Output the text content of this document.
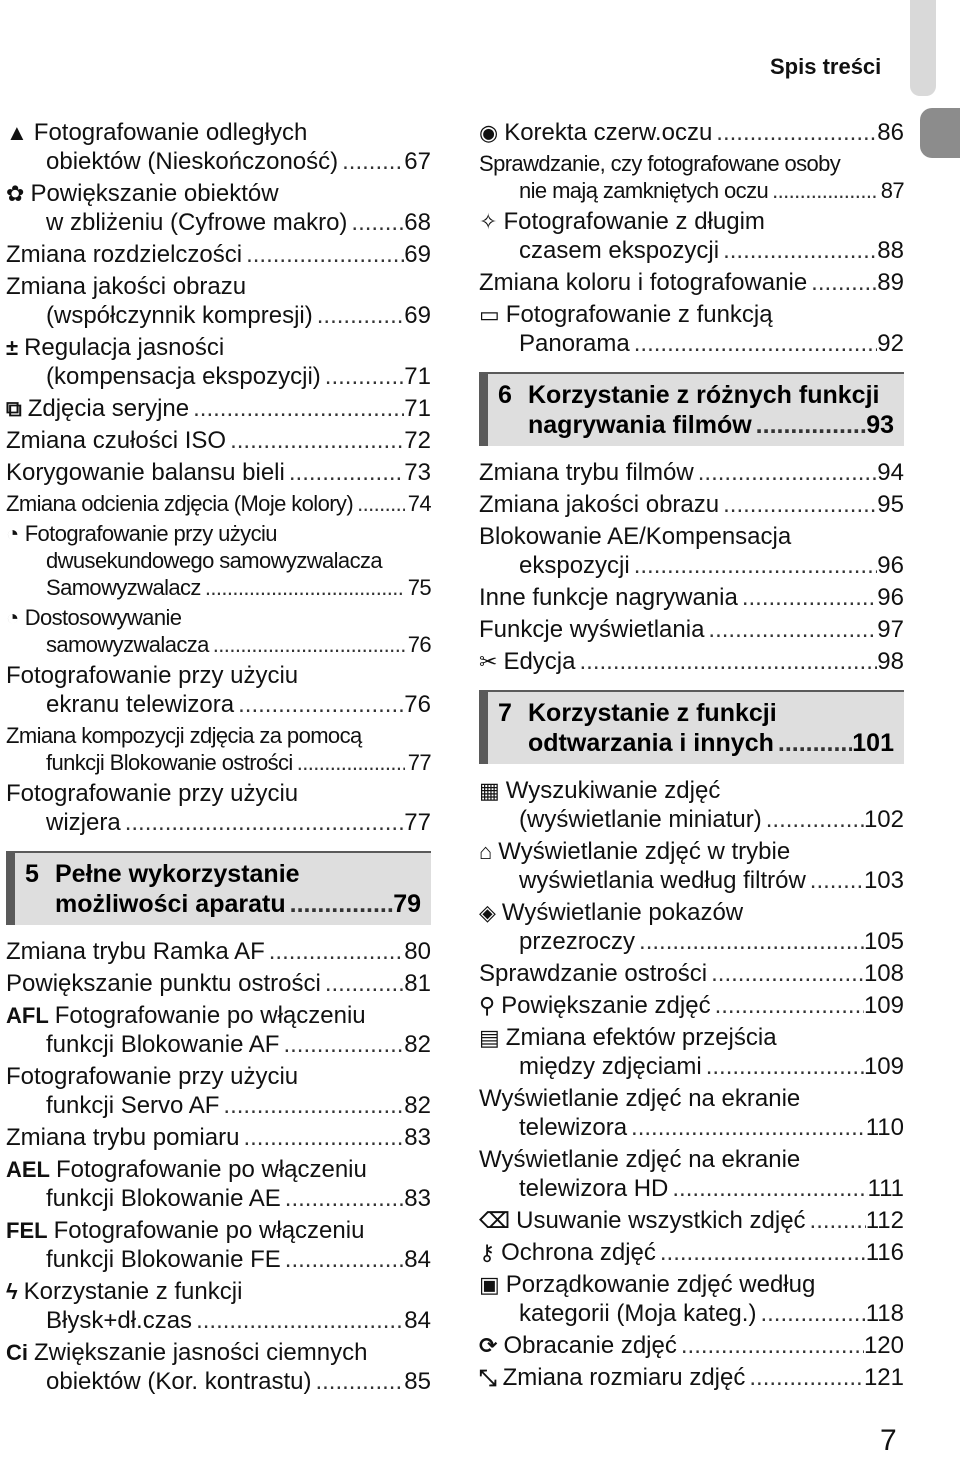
Spis treści
▲ Fotografowanie odległych
obiektów (Nieskończoność) .....	67
✿ Powiększanie obiektów
w zbliżeniu (Cyfrowe makro) ..... 68
Zmiana rozdzielczości .....	69
Zmiana jakości obrazu
(współczynnik kompresji) .....	69
± Regulacja jasności
(kompensacja ekspozycji) .....	71
⧉ Zdjęcia seryjne .....	71
Zmiana czułości ISO .....	72
Korygowanie balansu bieli .....	73
Zmiana odcienia zdjęcia (Moje kolory) ..... 74
◔ Fotografowanie przy użyciu
dwusekundowego samowyzwalacza
Samowyzwalacz .....	75
◔ Dostosowywanie
samowyzwalacza .....	76
Fotografowanie przy użyciu
ekranu telewizora .....	76
Zmiana kompozycji zdjęcia za pomocą
funkcji Blokowanie ostrości .....	77
Fotografowanie przy użyciu
wizjera .....	77
5 Pełne wykorzystanie
możliwości aparatu .....	79
Zmiana trybu Ramka AF .....	80
Powiększanie punktu ostrości .....	81
AFL Fotografowanie po włączeniu
funkcji Blokowanie AF .....	82
Fotografowanie przy użyciu
funkcji Servo AF .....	82
Zmiana trybu pomiaru .....	83
AEL Fotografowanie po włączeniu
funkcji Blokowanie AE .....	83
FEL Fotografowanie po włączeniu
funkcji Blokowanie FE .....	84
ϟ Korzystanie z funkcji
Błysk+dł.czas .....	84
Ci Zwiększanie jasności ciemnych
obiektów (Kor. kontrastu) .....	85
◉ Korekta czerw.oczu .....	86
Sprawdzanie, czy fotografowane osoby
nie mają zamkniętych oczu .....	87
✧ Fotografowanie z długim
czasem ekspozycji .....	88
Zmiana koloru i fotografowanie .....	89
▭ Fotografowanie z funkcją
Panorama .....	92
6 Korzystanie z różnych funkcji
nagrywania filmów .....	93
Zmiana trybu filmów .....	94
Zmiana jakości obrazu .....	95
Blokowanie AE/Kompensacja
ekspozycji .....	96
Inne funkcje nagrywania .....	96
Funkcje wyświetlania .....	97
✂ Edycja .....	98
7 Korzystanie z funkcji
odtwarzania i innych .....	101
▦ Wyszukiwanie zdjęć
(wyświetlanie miniatur) .....	102
⌂ Wyświetlanie zdjęć w trybie
wyświetlania według filtrów ..... 103
◈ Wyświetlanie pokazów
przezroczy .....	105
Sprawdzanie ostrości .....	108
⚲ Powiększanie zdjęć .....	109
▤ Zmiana efektów przejścia
między zdjęciami .....	109
Wyświetlanie zdjęć na ekranie
telewizora .....	110
Wyświetlanie zdjęć na ekranie
telewizora HD .....	111
⌫ Usuwanie wszystkich zdjęć .....	112
⚷ Ochrona zdjęć .....	116
▣ Porządkowanie zdjęć według
kategorii (Moja kateg.) .....	118
⟳ Obracanie zdjęć .....	120
⤡ Zmiana rozmiaru zdjęć .....	121
7
